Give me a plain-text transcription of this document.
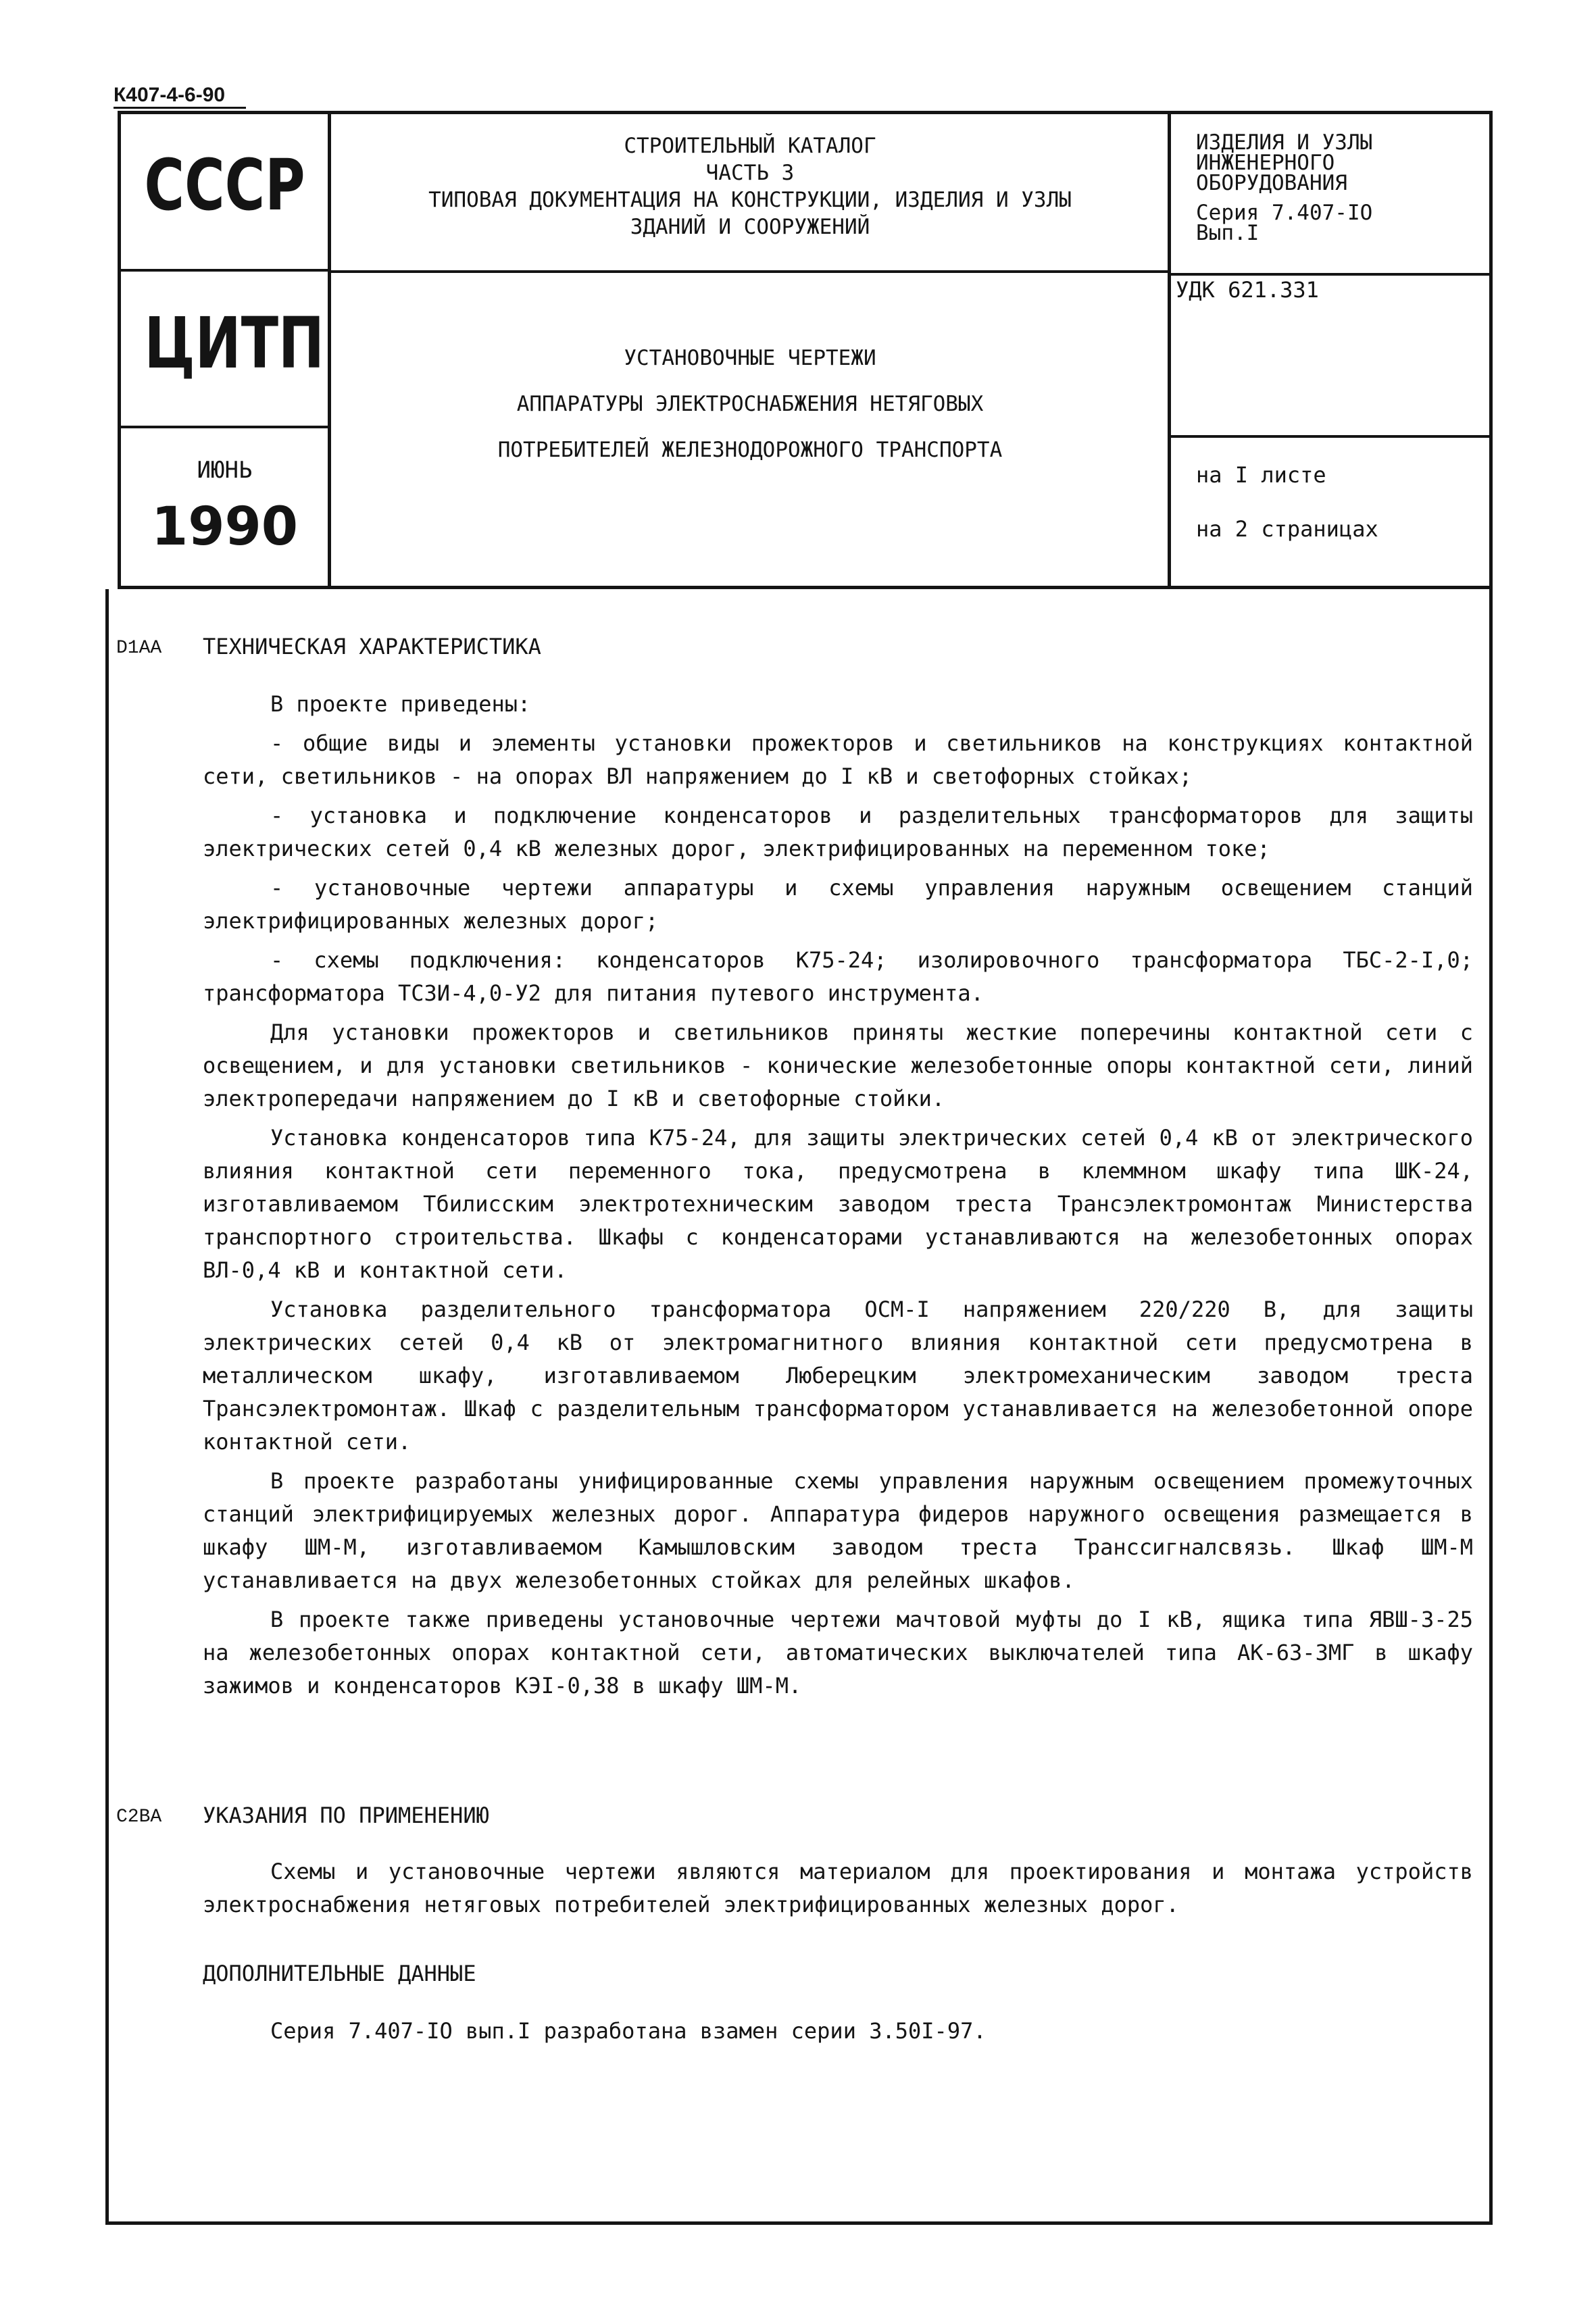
К407-4-6-90
СССР
ЦИТП
ИЮНЬ
1990
СТРОИТЕЛЬНЫЙ КАТАЛОГ
ЧАСТЬ 3
ТИПОВАЯ ДОКУМЕНТАЦИЯ НА КОНСТРУКЦИИ, ИЗДЕЛИЯ И УЗЛЫ
ЗДАНИЙ И СООРУЖЕНИЙ
УСТАНОВОЧНЫЕ ЧЕРТЕЖИ
АППАРАТУРЫ ЭЛЕКТРОСНАБЖЕНИЯ НЕТЯГОВЫХ
ПОТРЕБИТЕЛЕЙ ЖЕЛЕЗНОДОРОЖНОГО ТРАНСПОРТА
ИЗДЕЛИЯ И УЗЛЫ
ИНЖЕНЕРНОГО
ОБОРУДОВАНИЯ
Серия 7.407-IO
Вып.I
УДК 621.331
на I листе
на 2 страницах
D1AA ТЕХНИЧЕСКАЯ ХАРАКТЕРИСТИКА

В проекте приведены:

- общие виды и элементы установки прожекторов и светильников на конструкциях контактной сети, светильников - на опорах ВЛ напряжением до I кВ и светофорных стойках;

- установка и подключение конденсаторов и разделительных трансформаторов для защиты электрических сетей 0,4 кВ железных дорог, электрифицированных на переменном токе;

- установочные чертежи аппаратуры и схемы управления наружным освещением станций электрифицированных железных дорог;

- схемы подключения: конденсаторов К75-24; изолировочного трансформатора ТБС-2-I,0; трансформатора ТСЗИ-4,0-У2 для питания путевого инструмента.

Для установки прожекторов и светильников приняты жесткие поперечины контактной сети с освещением, и для установки светильников - конические железобетонные опоры контактной сети, линий электропередачи напряжением до I кВ и светофорные стойки.

Установка конденсаторов типа К75-24, для защиты электрических сетей 0,4 кВ от электрического влияния контактной сети переменного тока, предусмотрена в клеммном шкафу типа ШК-24, изготавливаемом Тбилисским электротехническим заводом треста Трансэлектромонтаж Министерства транспортного строительства. Шкафы с конденсаторами устанавливаются на железобетонных опорах ВЛ-0,4 кВ и контактной сети.

Установка разделительного трансформатора ОСМ-I напряжением 220/220 В, для защиты электрических сетей 0,4 кВ от электромагнитного влияния контактной сети предусмотрена в металлическом шкафу, изготавливаемом Люберецким электромеханическим заводом треста Трансэлектромонтаж. Шкаф с разделительным трансформатором устанавливается на железобетонной опоре контактной сети.

В проекте разработаны унифицированные схемы управления наружным освещением промежуточных станций электрифицируемых железных дорог. Аппаратура фидеров наружного освещения размещается в шкафу ШМ-М, изготавливаемом Камышловским заводом треста Транссигналсвязь. Шкаф ШМ-М устанавливается на двух железобетонных стойках для релейных шкафов.

В проекте также приведены установочные чертежи мачтовой муфты до I кВ, ящика типа ЯВШ-3-25 на железобетонных опорах контактной сети, автоматических выключателей типа АК-63-3МГ в шкафу зажимов и конденсаторов КЭI-0,38 в шкафу ШМ-М.

C2BA УКАЗАНИЯ ПО ПРИМЕНЕНИЮ

Схемы и установочные чертежи являются материалом для проектирования и монтажа устройств электроснабжения нетяговых потребителей электрифицированных железных дорог.

ДОПОЛНИТЕЛЬНЫЕ ДАННЫЕ

Серия 7.407-IO вып.I разработана взамен серии 3.50I-97.
